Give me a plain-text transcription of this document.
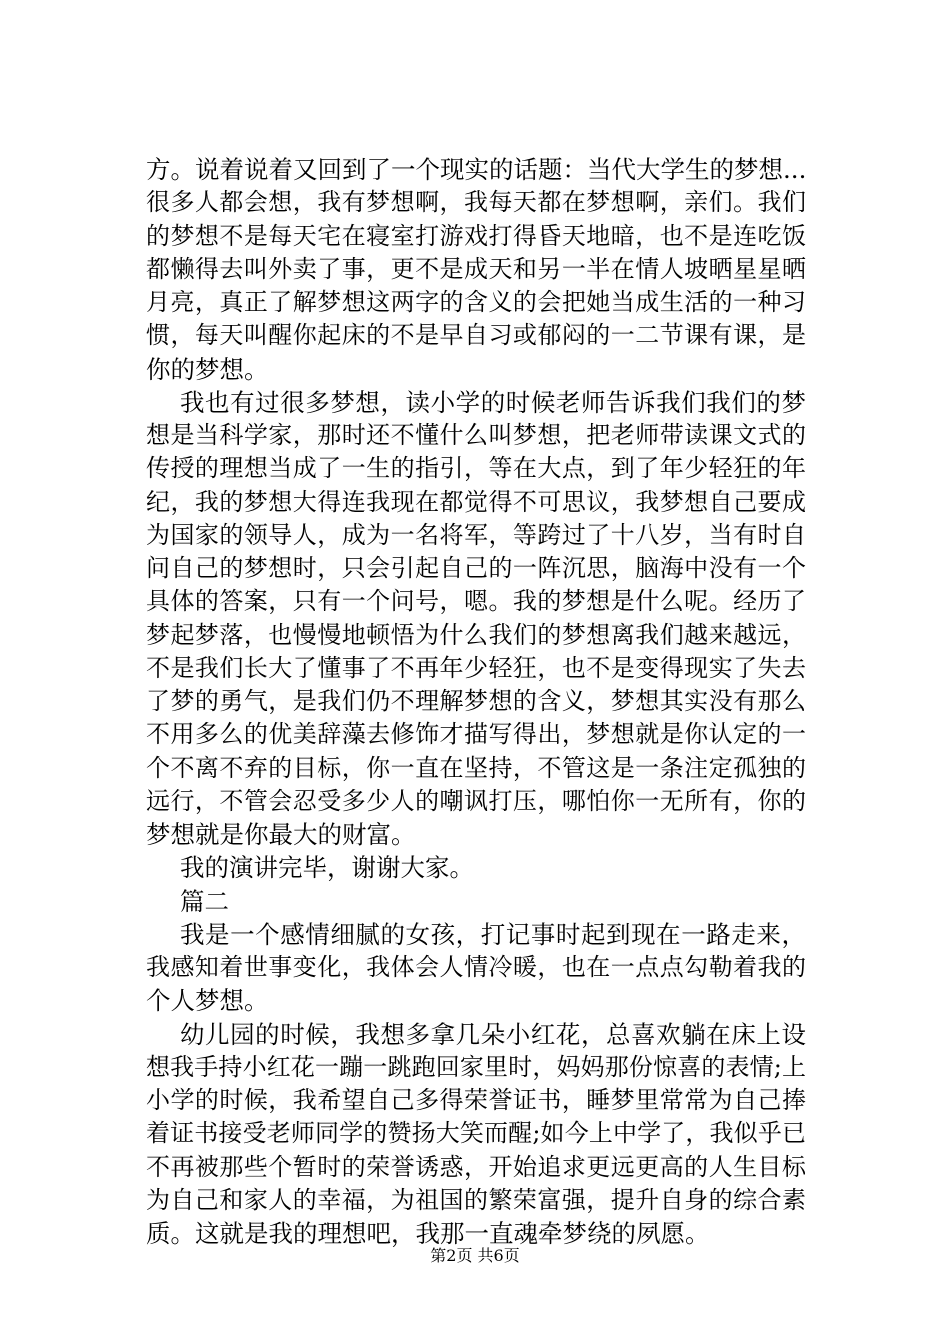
方。说着说着又回到了一个现实的话题：当代大学生的梦想...
很多人都会想，我有梦想啊，我每天都在梦想啊，亲们。我们
的梦想不是每天宅在寝室打游戏打得昏天地暗，也不是连吃饭
都懒得去叫外卖了事，更不是成天和另一半在情人坡晒星星晒
月亮，真正了解梦想这两字的含义的会把她当成生活的一种习
惯，每天叫醒你起床的不是早自习或郁闷的一二节课有课，是
你的梦想。
我也有过很多梦想，读小学的时候老师告诉我们我们的梦
想是当科学家，那时还不懂什么叫梦想，把老师带读课文式的
传授的理想当成了一生的指引，等在大点，到了年少轻狂的年
纪，我的梦想大得连我现在都觉得不可思议，我梦想自己要成
为国家的领导人，成为一名将军，等跨过了十八岁，当有时自
问自己的梦想时，只会引起自己的一阵沉思，脑海中没有一个
具体的答案，只有一个问号，嗯。我的梦想是什么呢。经历了
梦起梦落，也慢慢地顿悟为什么我们的梦想离我们越来越远，
不是我们长大了懂事了不再年少轻狂，也不是变得现实了失去
了梦的勇气，是我们仍不理解梦想的含义，梦想其实没有那么
不用多么的优美辞藻去修饰才描写得出，梦想就是你认定的一
个不离不弃的目标，你一直在坚持，不管这是一条注定孤独的
远行，不管会忍受多少人的嘲讽打压，哪怕你一无所有，你的
梦想就是你最大的财富。
我的演讲完毕，谢谢大家。
篇二
我是一个感情细腻的女孩，打记事时起到现在一路走来，
我感知着世事变化，我体会人情冷暖，也在一点点勾勒着我的
个人梦想。
幼儿园的时候，我想多拿几朵小红花，总喜欢躺在床上设
想我手持小红花一蹦一跳跑回家里时，妈妈那份惊喜的表情;上
小学的时候，我希望自己多得荣誉证书，睡梦里常常为自己捧
着证书接受老师同学的赞扬大笑而醒;如今上中学了，我似乎已
不再被那些个暂时的荣誉诱惑，开始追求更远更高的人生目标
为自己和家人的幸福，为祖国的繁荣富强，提升自身的综合素
质。这就是我的理想吧，我那一直魂牵梦绕的夙愿。
第2页 共6页
